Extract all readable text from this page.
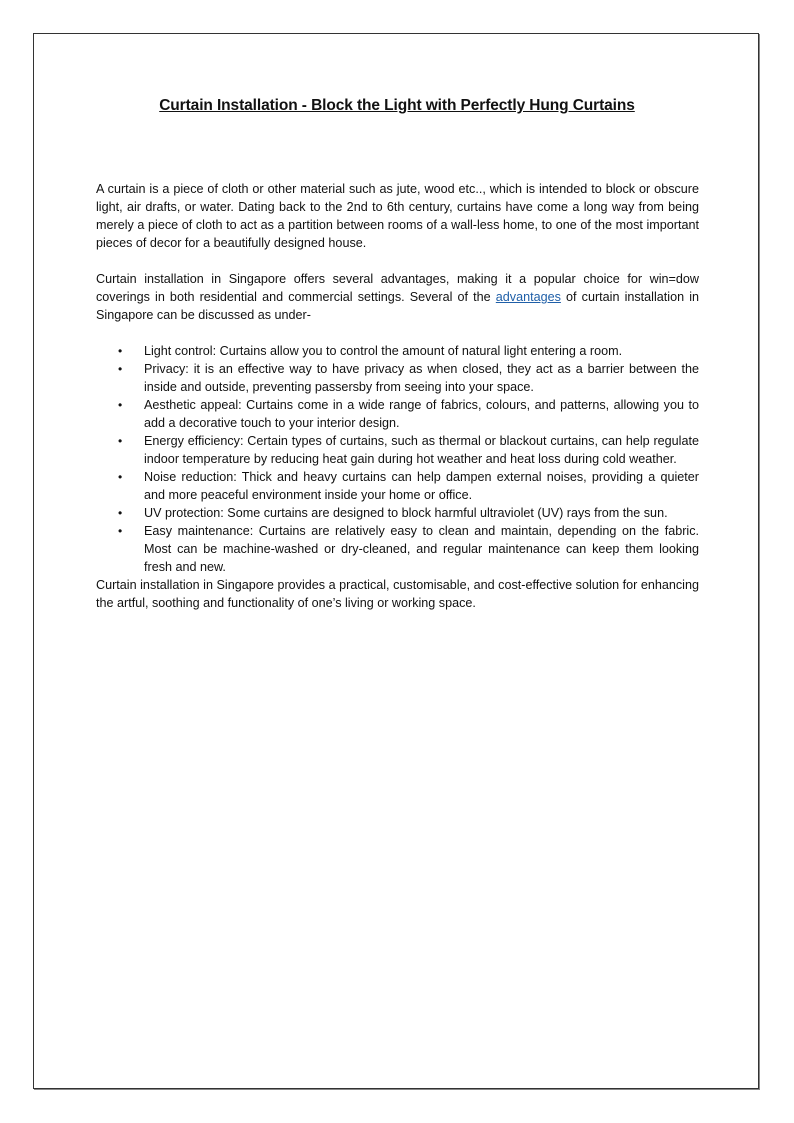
Curtain Installation - Block the Light with Perfectly Hung Curtains

A curtain is a piece of cloth or other material such as jute, wood etc.., which is intended to block or obscure light, air drafts, or water. Dating back to the 2nd to 6th century, curtains have come a long way from being merely a piece of cloth to act as a partition between rooms of a wall-less home, to one of the most important pieces of decor for a beautifully designed house.

Curtain installation in Singapore offers several advantages, making it a popular choice for win=dow coverings in both residential and commercial settings. Several of the advantages of curtain installation in Singapore can be discussed as under-

• Light control: Curtains allow you to control the amount of natural light entering a room.
• Privacy: it is an effective way to have privacy as when closed, they act as a barrier between the inside and outside, preventing passersby from seeing into your space.
• Aesthetic appeal: Curtains come in a wide range of fabrics, colours, and patterns, allowing you to add a decorative touch to your interior design.
• Energy efficiency: Certain types of curtains, such as thermal or blackout curtains, can help regulate indoor temperature by reducing heat gain during hot weather and heat loss during cold weather.
• Noise reduction: Thick and heavy curtains can help dampen external noises, providing a quieter and more peaceful environment inside your home or office.
• UV protection: Some curtains are designed to block harmful ultraviolet (UV) rays from the sun.
• Easy maintenance: Curtains are relatively easy to clean and maintain, depending on the fabric. Most can be machine-washed or dry-cleaned, and regular maintenance can keep them looking fresh and new.

Curtain installation in Singapore provides a practical, customisable, and cost-effective solution for enhancing the artful, soothing and functionality of one’s living or working space.
